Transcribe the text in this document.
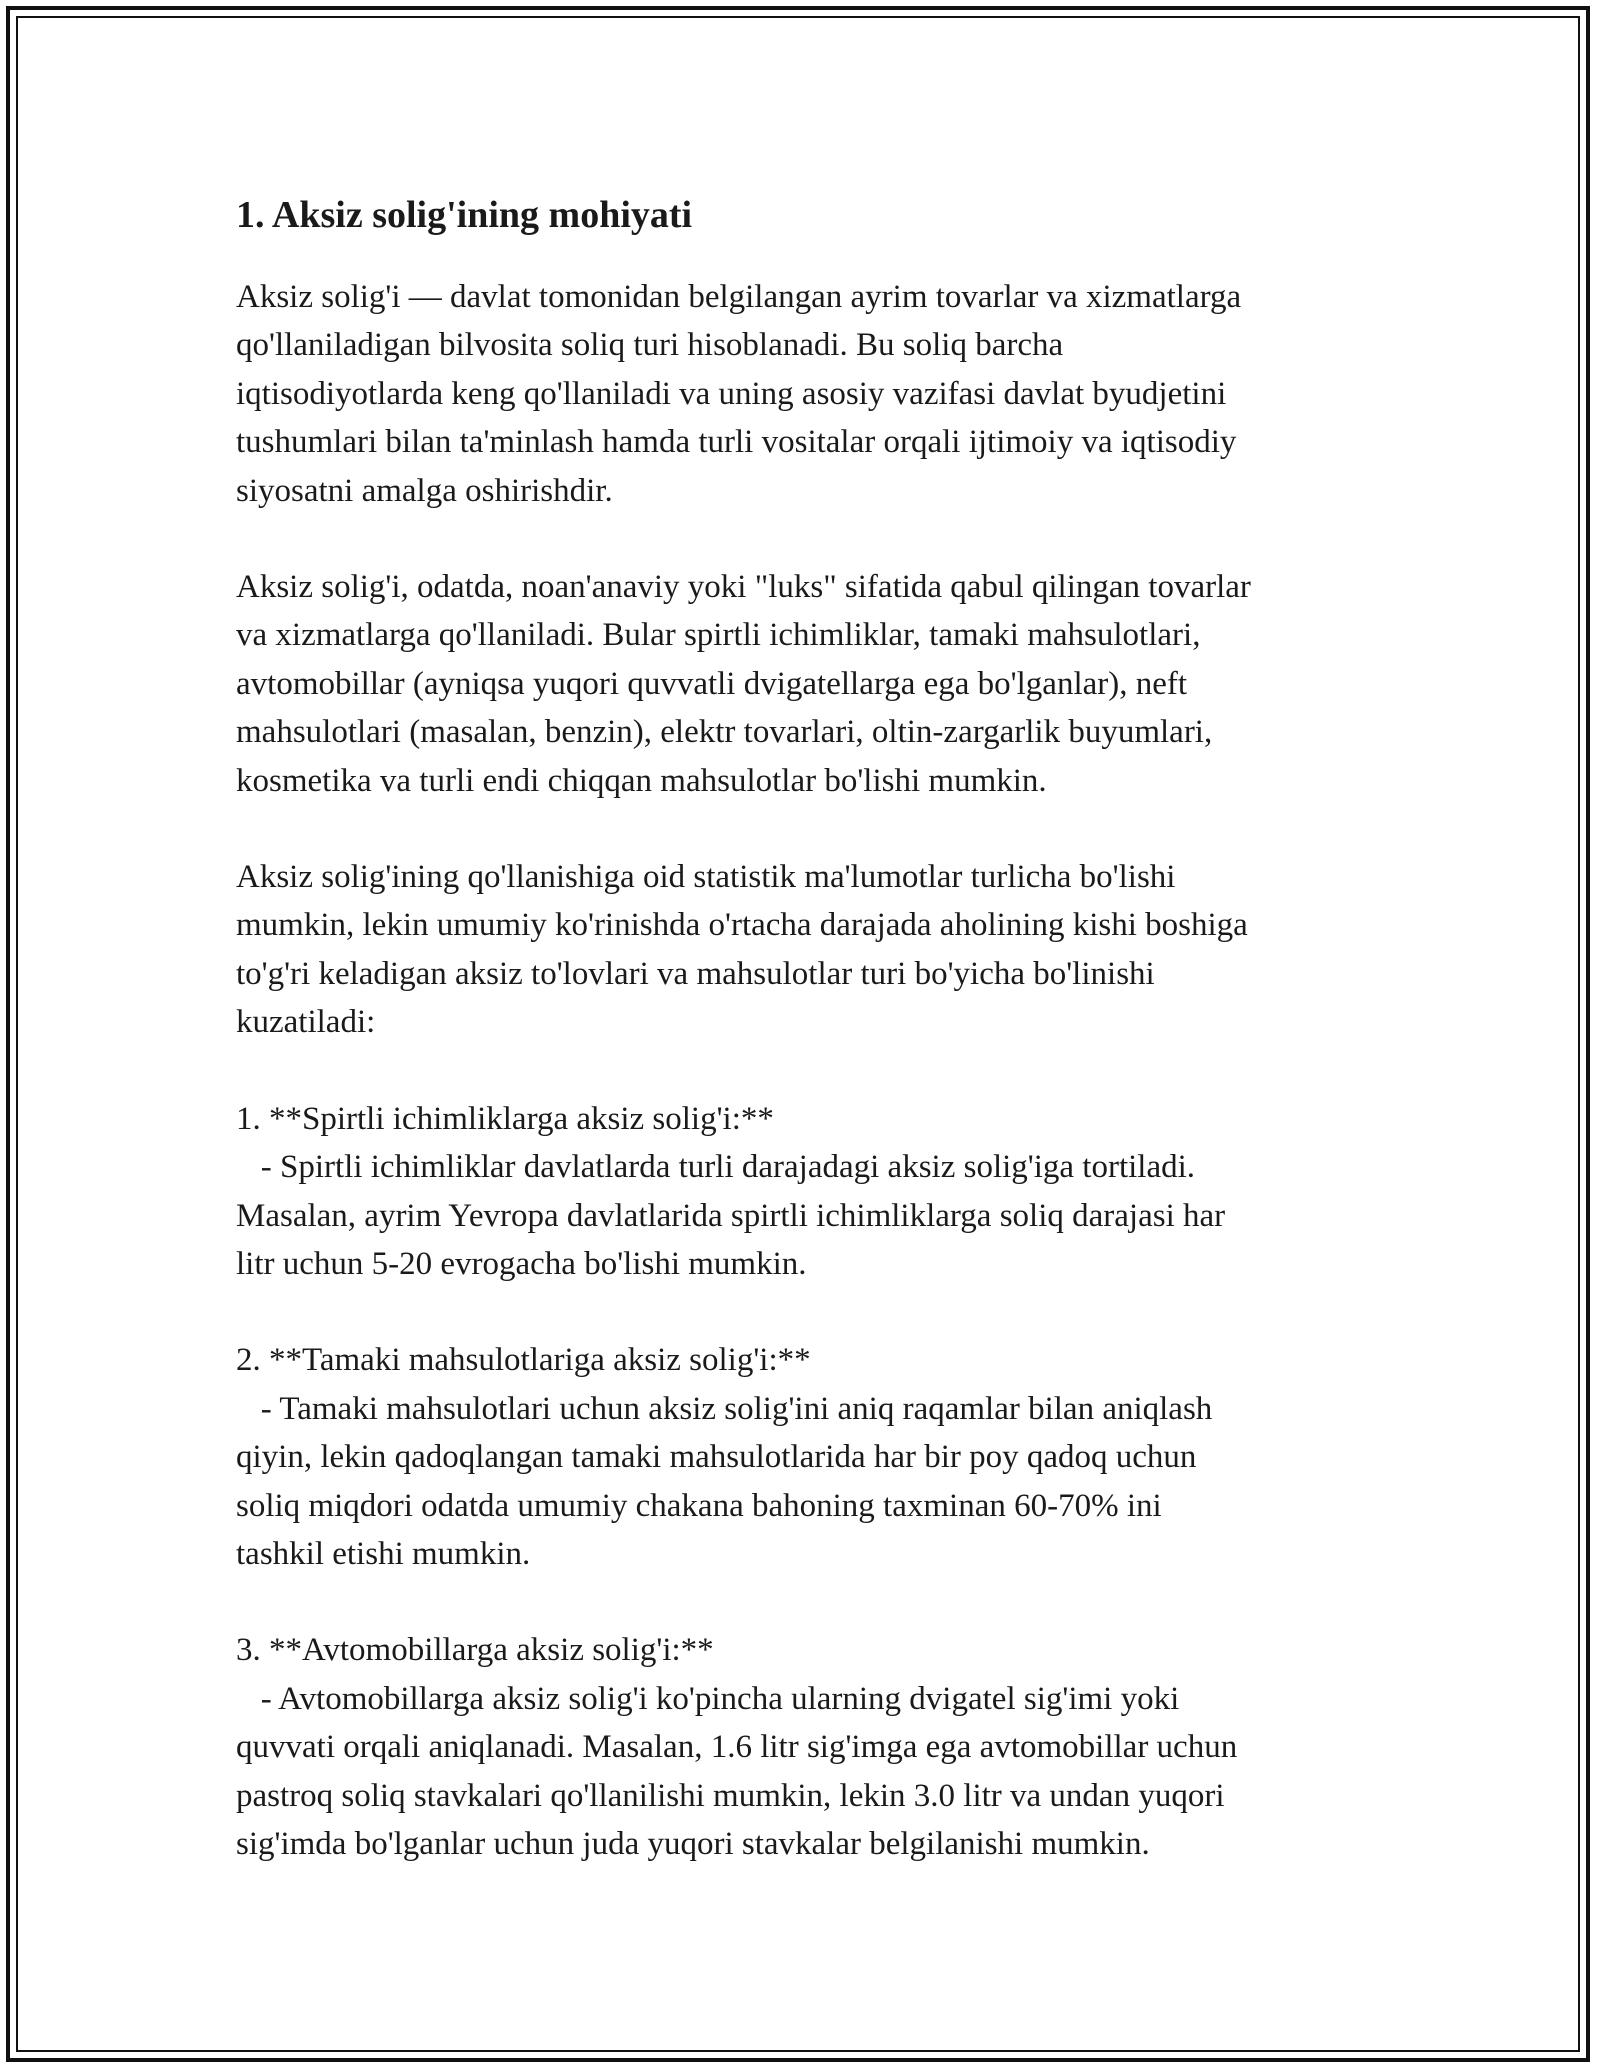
1. Aksiz solig'ining mohiyati

Aksiz solig'i — davlat tomonidan belgilangan ayrim tovarlar va xizmatlarga
qo'llaniladigan bilvosita soliq turi hisoblanadi. Bu soliq barcha
iqtisodiyotlarda keng qo'llaniladi va uning asosiy vazifasi davlat byudjetini
tushumlari bilan ta'minlash hamda turli vositalar orqali ijtimoiy va iqtisodiy
siyosatni amalga oshirishdir.

Aksiz solig'i, odatda, noan'anaviy yoki "luks" sifatida qabul qilingan tovarlar
va xizmatlarga qo'llaniladi. Bular spirtli ichimliklar, tamaki mahsulotlari,
avtomobillar (ayniqsa yuqori quvvatli dvigatellarga ega bo'lganlar), neft
mahsulotlari (masalan, benzin), elektr tovarlari, oltin-zargarlik buyumlari,
kosmetika va turli endi chiqqan mahsulotlar bo'lishi mumkin.

Aksiz solig'ining qo'llanishiga oid statistik ma'lumotlar turlicha bo'lishi
mumkin, lekin umumiy ko'rinishda o'rtacha darajada aholining kishi boshiga
to'g'ri keladigan aksiz to'lovlari va mahsulotlar turi bo'yicha bo'linishi
kuzatiladi:

1. **Spirtli ichimliklarga aksiz solig'i:**
- Spirtli ichimliklar davlatlarda turli darajadagi aksiz solig'iga tortiladi.
Masalan, ayrim Yevropa davlatlarida spirtli ichimliklarga soliq darajasi har
litr uchun 5-20 evrogacha bo'lishi mumkin.

2. **Tamaki mahsulotlariga aksiz solig'i:**
- Tamaki mahsulotlari uchun aksiz solig'ini aniq raqamlar bilan aniqlash
qiyin, lekin qadoqlangan tamaki mahsulotlarida har bir poy qadoq uchun
soliq miqdori odatda umumiy chakana bahoning taxminan 60-70% ini
tashkil etishi mumkin.

3. **Avtomobillarga aksiz solig'i:**
- Avtomobillarga aksiz solig'i ko'pincha ularning dvigatel sig'imi yoki
quvvati orqali aniqlanadi. Masalan, 1.6 litr sig'imga ega avtomobillar uchun
pastroq soliq stavkalari qo'llanilishi mumkin, lekin 3.0 litr va undan yuqori
sig'imda bo'lganlar uchun juda yuqori stavkalar belgilanishi mumkin.
